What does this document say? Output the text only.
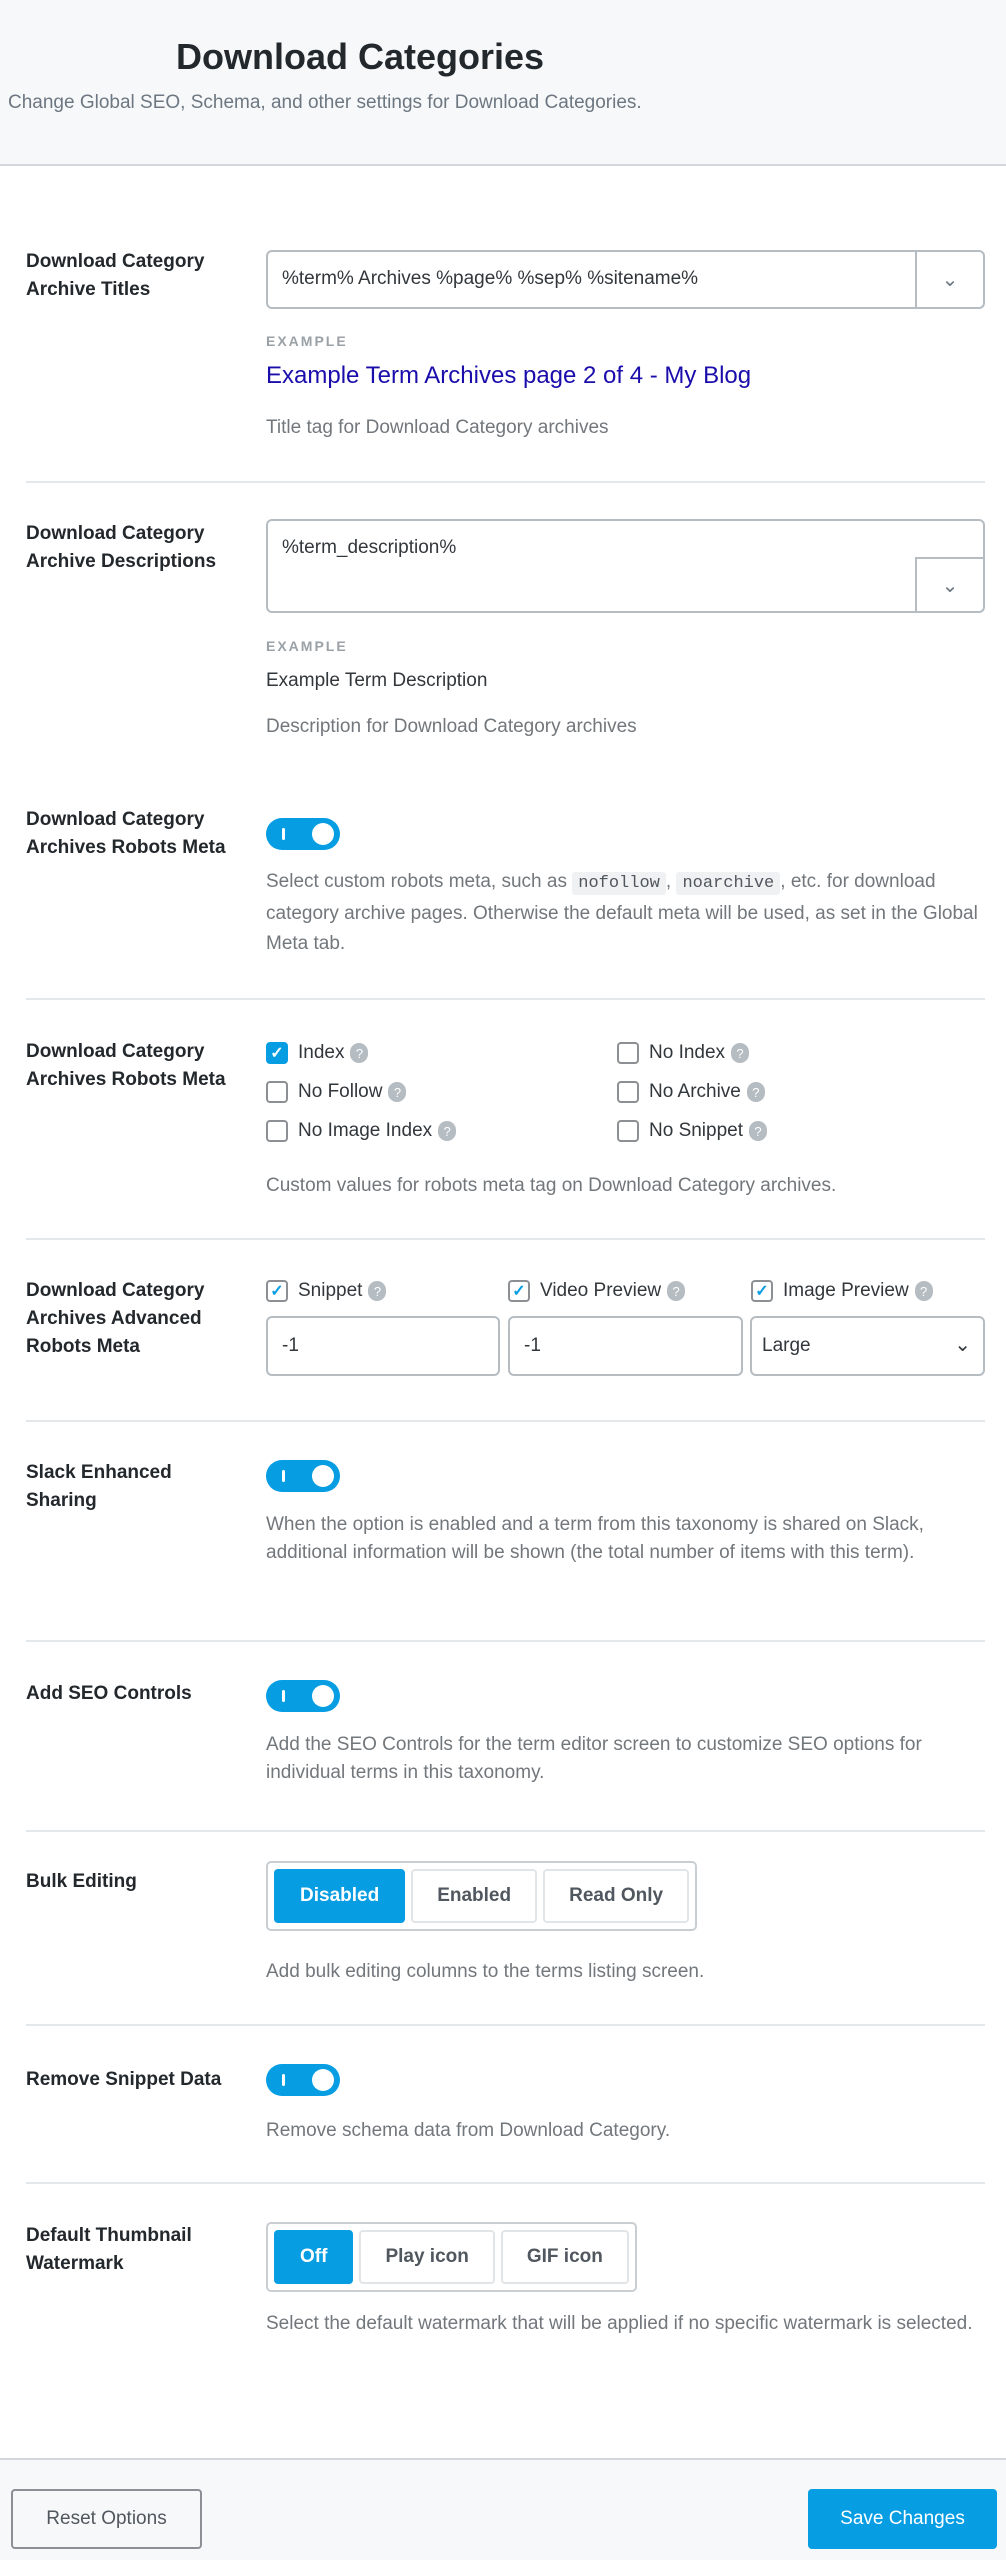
Download Categories
Change Global SEO, Schema, and other settings for Download Categories.
Download Category Archive Titles
%term% Archives %page% %sep% %sitename%	⌄
EXAMPLE
Example Term Archives page 2 of 4 - My Blog
Title tag for Download Category archives
Download Category Archive Descriptions
%term_description%
⌄
EXAMPLE
Example Term Description
Description for Download Category archives
Download Category Archives Robots Meta
Select custom robots meta, such as nofollow , noarchive , etc. for download category archive pages. Otherwise the default meta will be used, as set in the Global Meta tab.
Download Category Archives Robots Meta
✓ Index ?	No Index ?
No Follow ?	No Archive ?
No Image Index ?	No Snippet ?
Custom values for robots meta tag on Download Category archives.
Download Category Archives Advanced Robots Meta
✓ Snippet ?	✓ Video Preview ?	✓ Image Preview ?
-1	-1	Large	⌄
Slack Enhanced Sharing
When the option is enabled and a term from this taxonomy is shared on Slack, additional information will be shown (the total number of items with this term).
Add SEO Controls
Add the SEO Controls for the term editor screen to customize SEO options for individual terms in this taxonomy.
Bulk Editing
Disabled	Enabled	Read Only
Add bulk editing columns to the terms listing screen.
Remove Snippet Data
Remove schema data from Download Category.
Default Thumbnail Watermark	Off	Play icon	GIF icon
Select the default watermark that will be applied if no specific watermark is selected.
Reset Options	Save Changes
